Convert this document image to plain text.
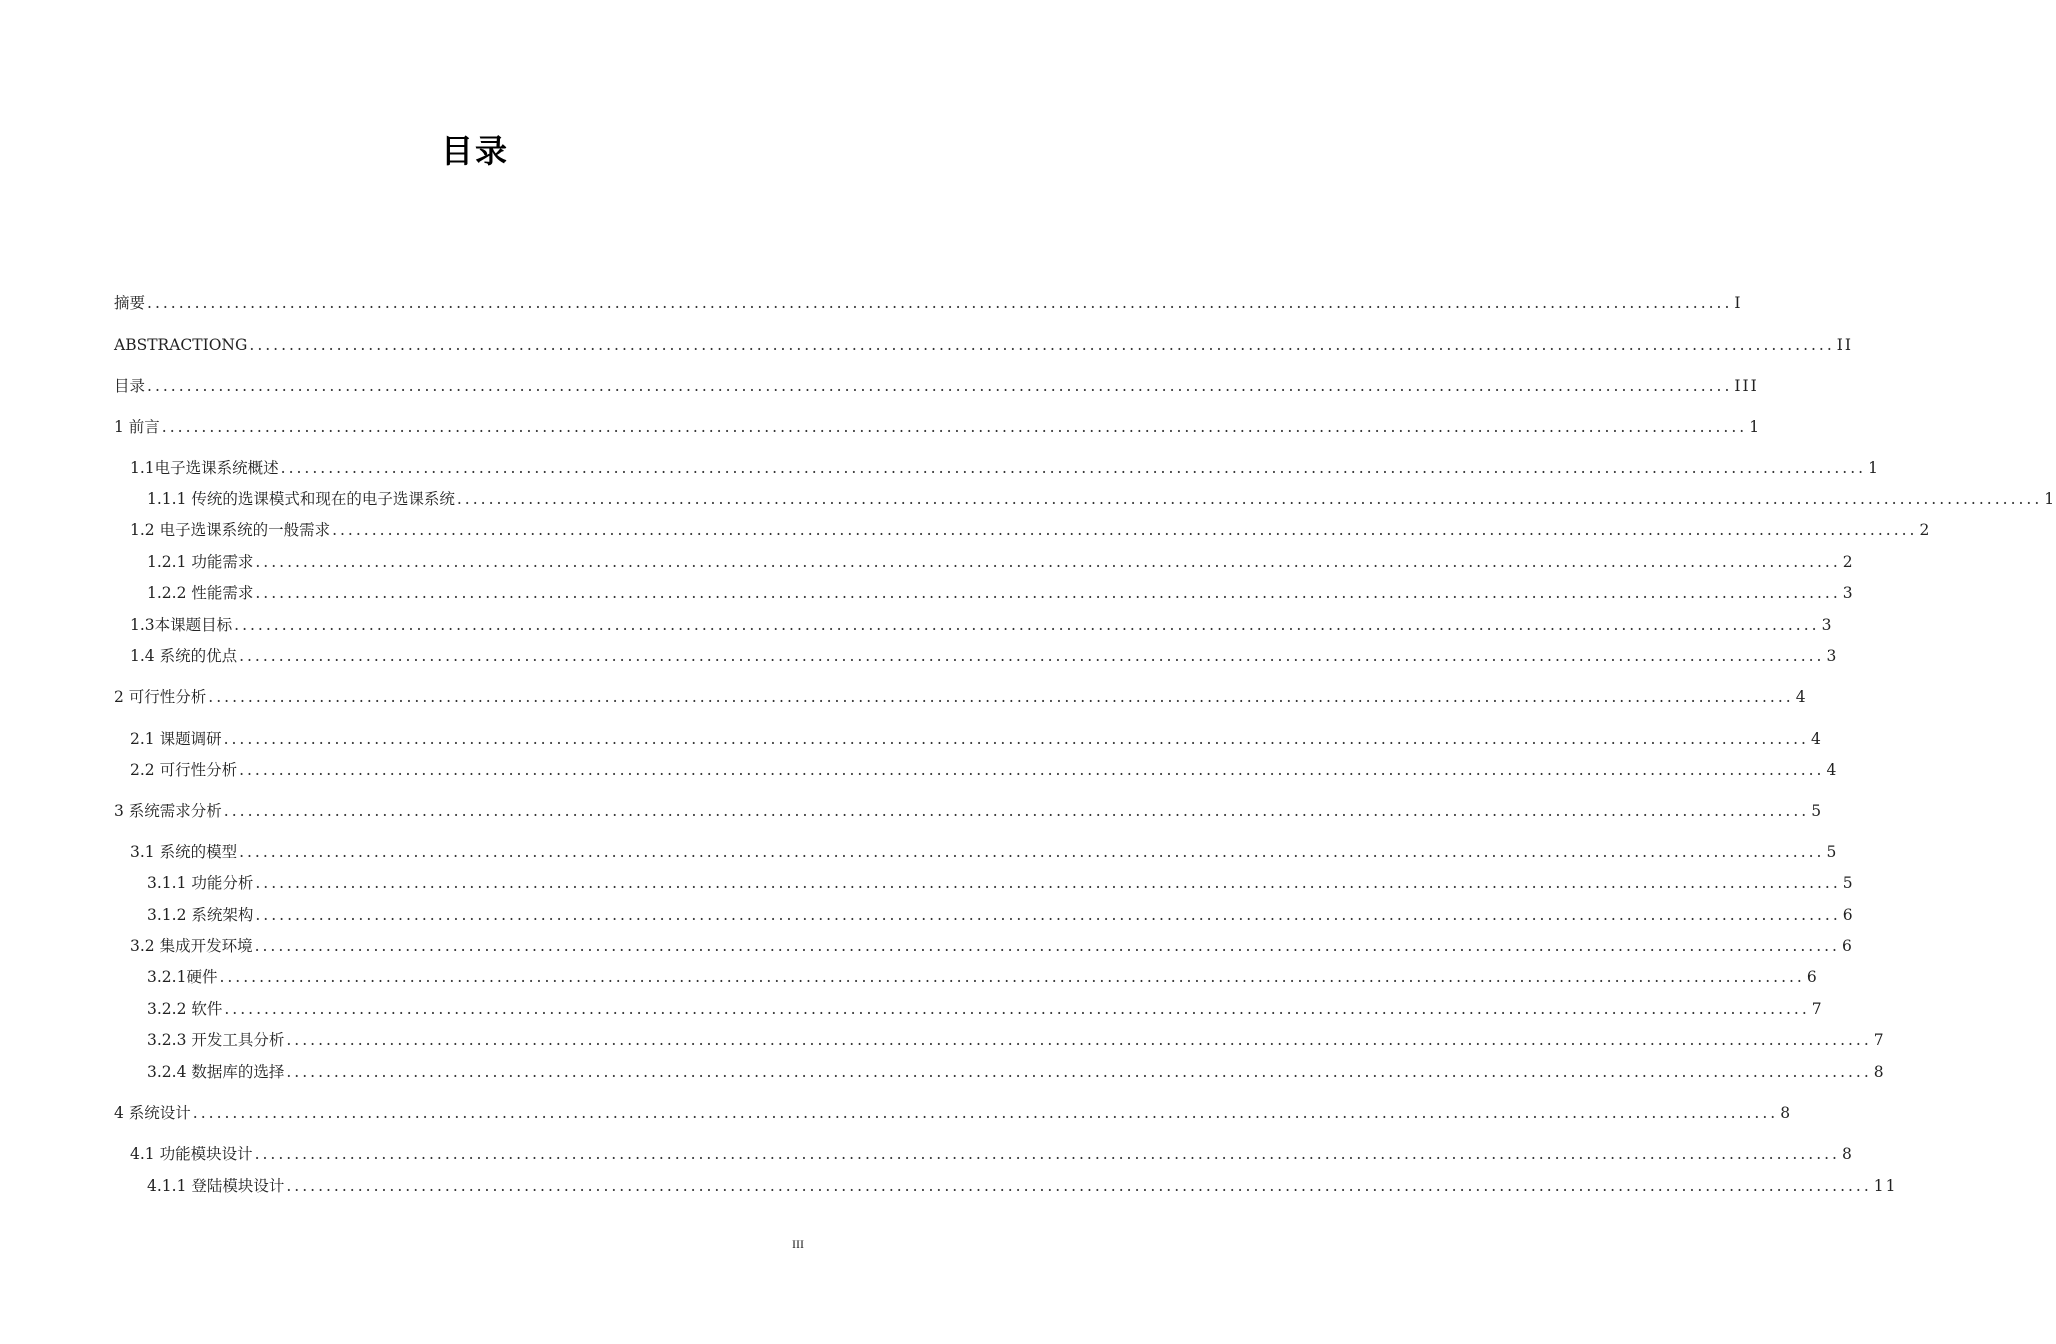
目录
摘要 ........................................................................................................................................................................................................ I
ABSTRACTIONG ........................................................................................................................................................................................................ II
目录 ........................................................................................................................................................................................................ III
1 前言 ........................................................................................................................................................................................................ 1
1.1电子选课系统概述 ........................................................................................................................................................................................................ 1
1.1.1 传统的选课模式和现在的电子选课系统 ........................................................................................................................................................................................................ 1
1.2 电子选课系统的一般需求 ........................................................................................................................................................................................................ 2
1.2.1 功能需求 ........................................................................................................................................................................................................ 2
1.2.2 性能需求 ........................................................................................................................................................................................................ 3
1.3本课题目标 ........................................................................................................................................................................................................ 3
1.4 系统的优点 ........................................................................................................................................................................................................ 3
2 可行性分析 ........................................................................................................................................................................................................ 4
2.1 课题调研 ........................................................................................................................................................................................................ 4
2.2 可行性分析 ........................................................................................................................................................................................................ 4
3 系统需求分析 ........................................................................................................................................................................................................ 5
3.1 系统的模型 ........................................................................................................................................................................................................ 5
3.1.1 功能分析 ........................................................................................................................................................................................................ 5
3.1.2 系统架构 ........................................................................................................................................................................................................ 6
3.2 集成开发环境 ........................................................................................................................................................................................................ 6
3.2.1硬件 ........................................................................................................................................................................................................ 6
3.2.2 软件 ........................................................................................................................................................................................................ 7
3.2.3 开发工具分析 ........................................................................................................................................................................................................ 7
3.2.4 数据库的选择 ........................................................................................................................................................................................................ 8
4 系统设计 ........................................................................................................................................................................................................ 8
4.1 功能模块设计 ........................................................................................................................................................................................................ 8
4.1.1 登陆模块设计 ........................................................................................................................................................................................................ 11
III
